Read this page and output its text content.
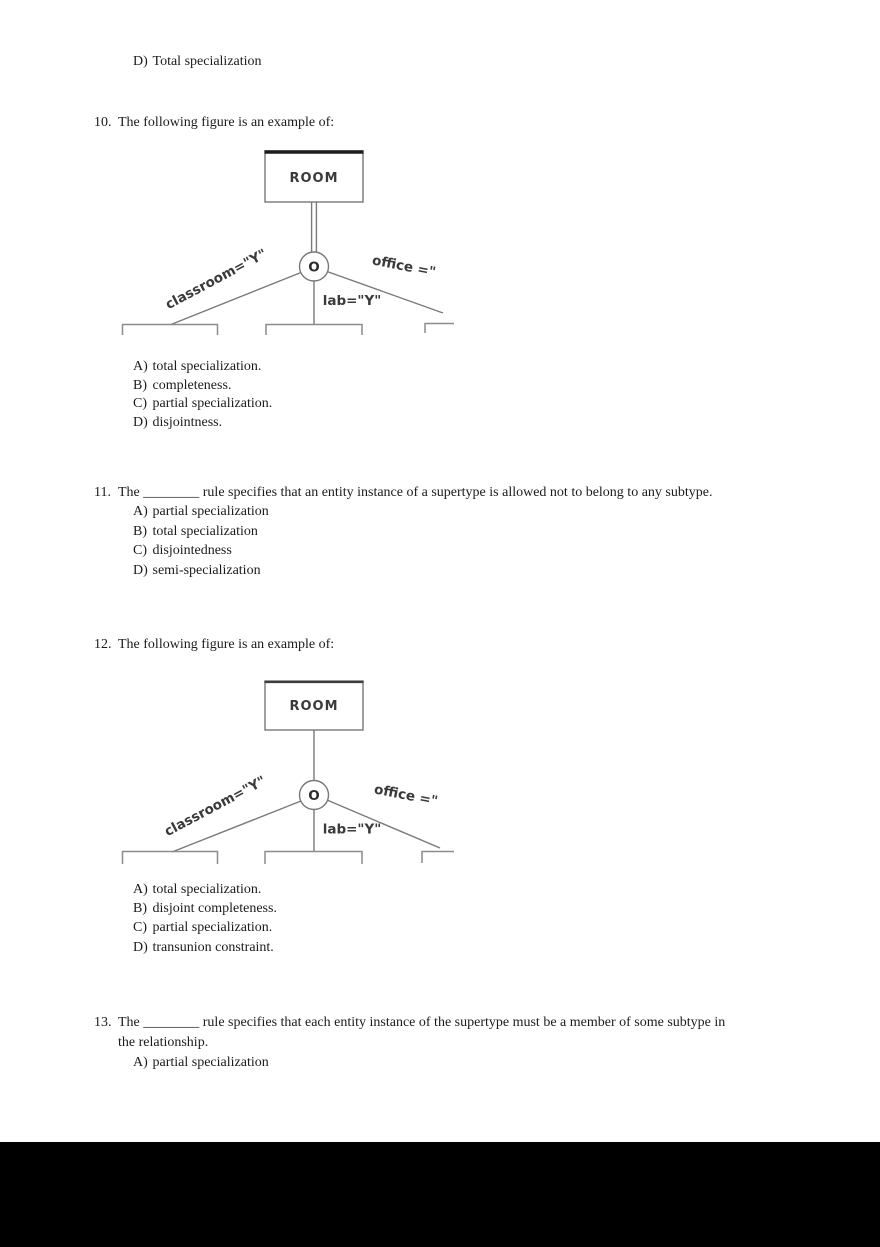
D) Total specialization
10. The following figure is an example of:
ROOM
O
classroom="Y"	office ="
lab="Y"
A) total specialization.
B) completeness.
C) partial specialization.
D) disjointness.
11. The ________ rule specifies that an entity instance of a supertype is allowed not to belong to any subtype.
A) partial specialization
B) total specialization
C) disjointedness
D) semi-specialization
12. The following figure is an example of:
ROOM
O
classroom="Y"	office ="
lab="Y"
A) total specialization.
B) disjoint completeness.
C) partial specialization.
D) transunion constraint.
13. The ________ rule specifies that each entity instance of the supertype must be a member of some subtype in
the relationship.
A) partial specialization
